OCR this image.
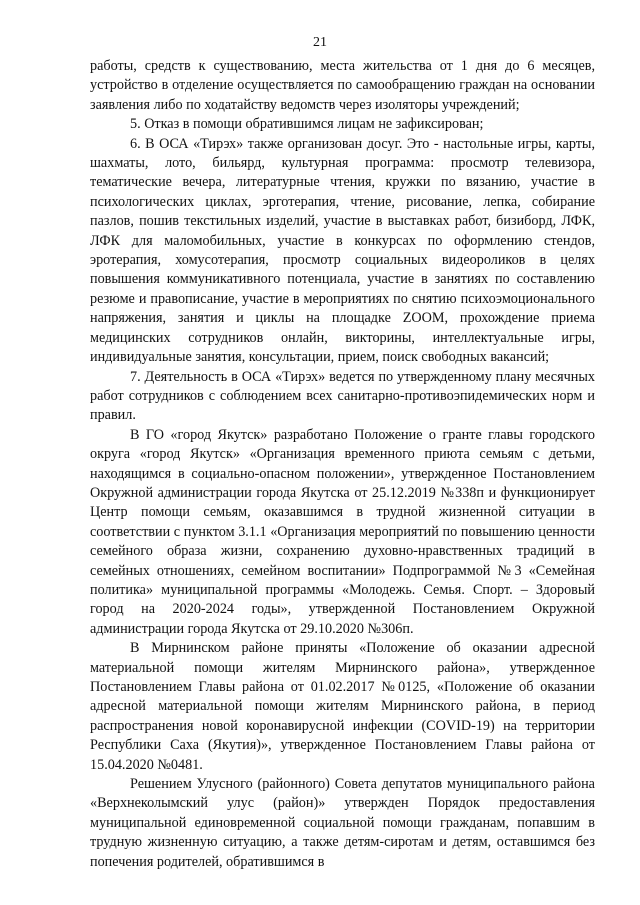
21

работы, средств к существованию, места жительства от 1 дня до 6 месяцев, устройство в отделение осуществляется по самообращению граждан на основании заявления либо по ходатайству ведомств через изоляторы учреждений;

5. Отказ в помощи обратившимся лицам не зафиксирован;

6. В ОСА «Тирэх» также организован досуг. Это - настольные игры, карты, шахматы, лото, бильярд, культурная программа: просмотр телевизора, тематические вечера, литературные чтения, кружки по вязанию, участие в психологических циклах, эрготерапия, чтение, рисование, лепка, собирание пазлов, пошив текстильных изделий, участие в выставках работ, бизиборд, ЛФК, ЛФК для маломобильных, участие в конкурсах по оформлению стендов, эротерапия, хомусотерапия, просмотр социальных видеороликов в целях повышения коммуникативного потенциала, участие в занятиях по составлению резюме и правописание, участие в мероприятиях по снятию психоэмоционального напряжения, занятия и циклы на площадке ZOOM, прохождение приема медицинских сотрудников онлайн, викторины, интеллектуальные игры, индивидуальные занятия, консультации, прием, поиск свободных вакансий;

7. Деятельность в ОСА «Тирэх» ведется по утвержденному плану месячных работ сотрудников с соблюдением всех санитарно-противоэпидемических норм и правил.

В ГО «город Якутск» разработано Положение о гранте главы городского округа «город Якутск» «Организация временного приюта семьям с детьми, находящимся в социально-опасном положении», утвержденное Постановлением Окружной администрации города Якутска от 25.12.2019 №338п и функционирует Центр помощи семьям, оказавшимся в трудной жизненной ситуации в соответствии с пунктом 3.1.1 «Организация мероприятий по повышению ценности семейного образа жизни, сохранению духовно-нравственных традиций в семейных отношениях, семейном воспитании» Подпрограммой №3 «Семейная политика» муниципальной программы «Молодежь. Семья. Спорт. – Здоровый город на 2020-2024 годы», утвержденной Постановлением Окружной администрации города Якутска от 29.10.2020 №306п.

В Мирнинском районе приняты «Положение об оказании адресной материальной помощи жителям Мирнинского района», утвержденное Постановлением Главы района от 01.02.2017 №0125, «Положение об оказании адресной материальной помощи жителям Мирнинского района, в период распространения новой коронавирусной инфекции (COVID-19) на территории Республики Саха (Якутия)», утвержденное Постановлением Главы района от 15.04.2020 №0481.

Решением Улусного (районного) Совета депутатов муниципального района «Верхнеколымский улус (район)» утвержден Порядок предоставления муниципальной единовременной социальной помощи гражданам, попавшим в трудную жизненную ситуацию, а также детям-сиротам и детям, оставшимся без попечения родителей, обратившимся в
